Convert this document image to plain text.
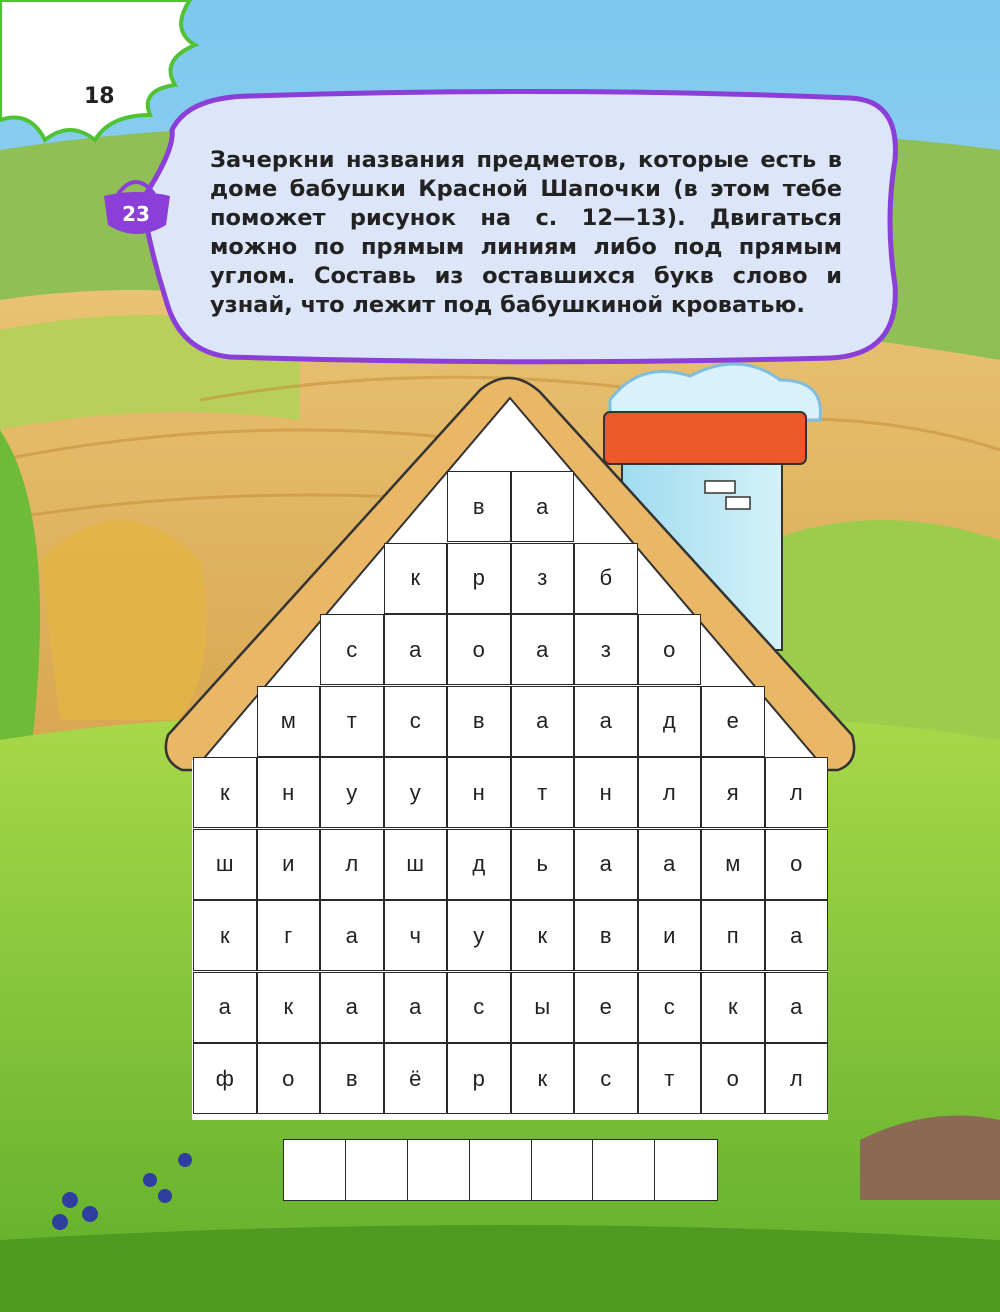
18
23

Зачеркни названия предметов, которые есть в доме бабушки Красной Шапочки (в этом тебе поможет рисунок на с. 12—13). Двигаться можно по прямым линиям либо под прямым углом. Составь из оставшихся букв слово и узнай, что лежит под бабушкиной кроватью.

в	а
к	р	з	б
с	а	о	а	з	о
м	т	с	в	а	а	д	е
к	н	у	у	н	т	н	л	я	л
ш	и	л	ш	д	ь	а	а	м	о
к	г	а	ч	у	к	в	и	п	а
а	к	а	а	с	ы	е	с	к	а
ф	о	в	ё	р	к	с	т	о	л
